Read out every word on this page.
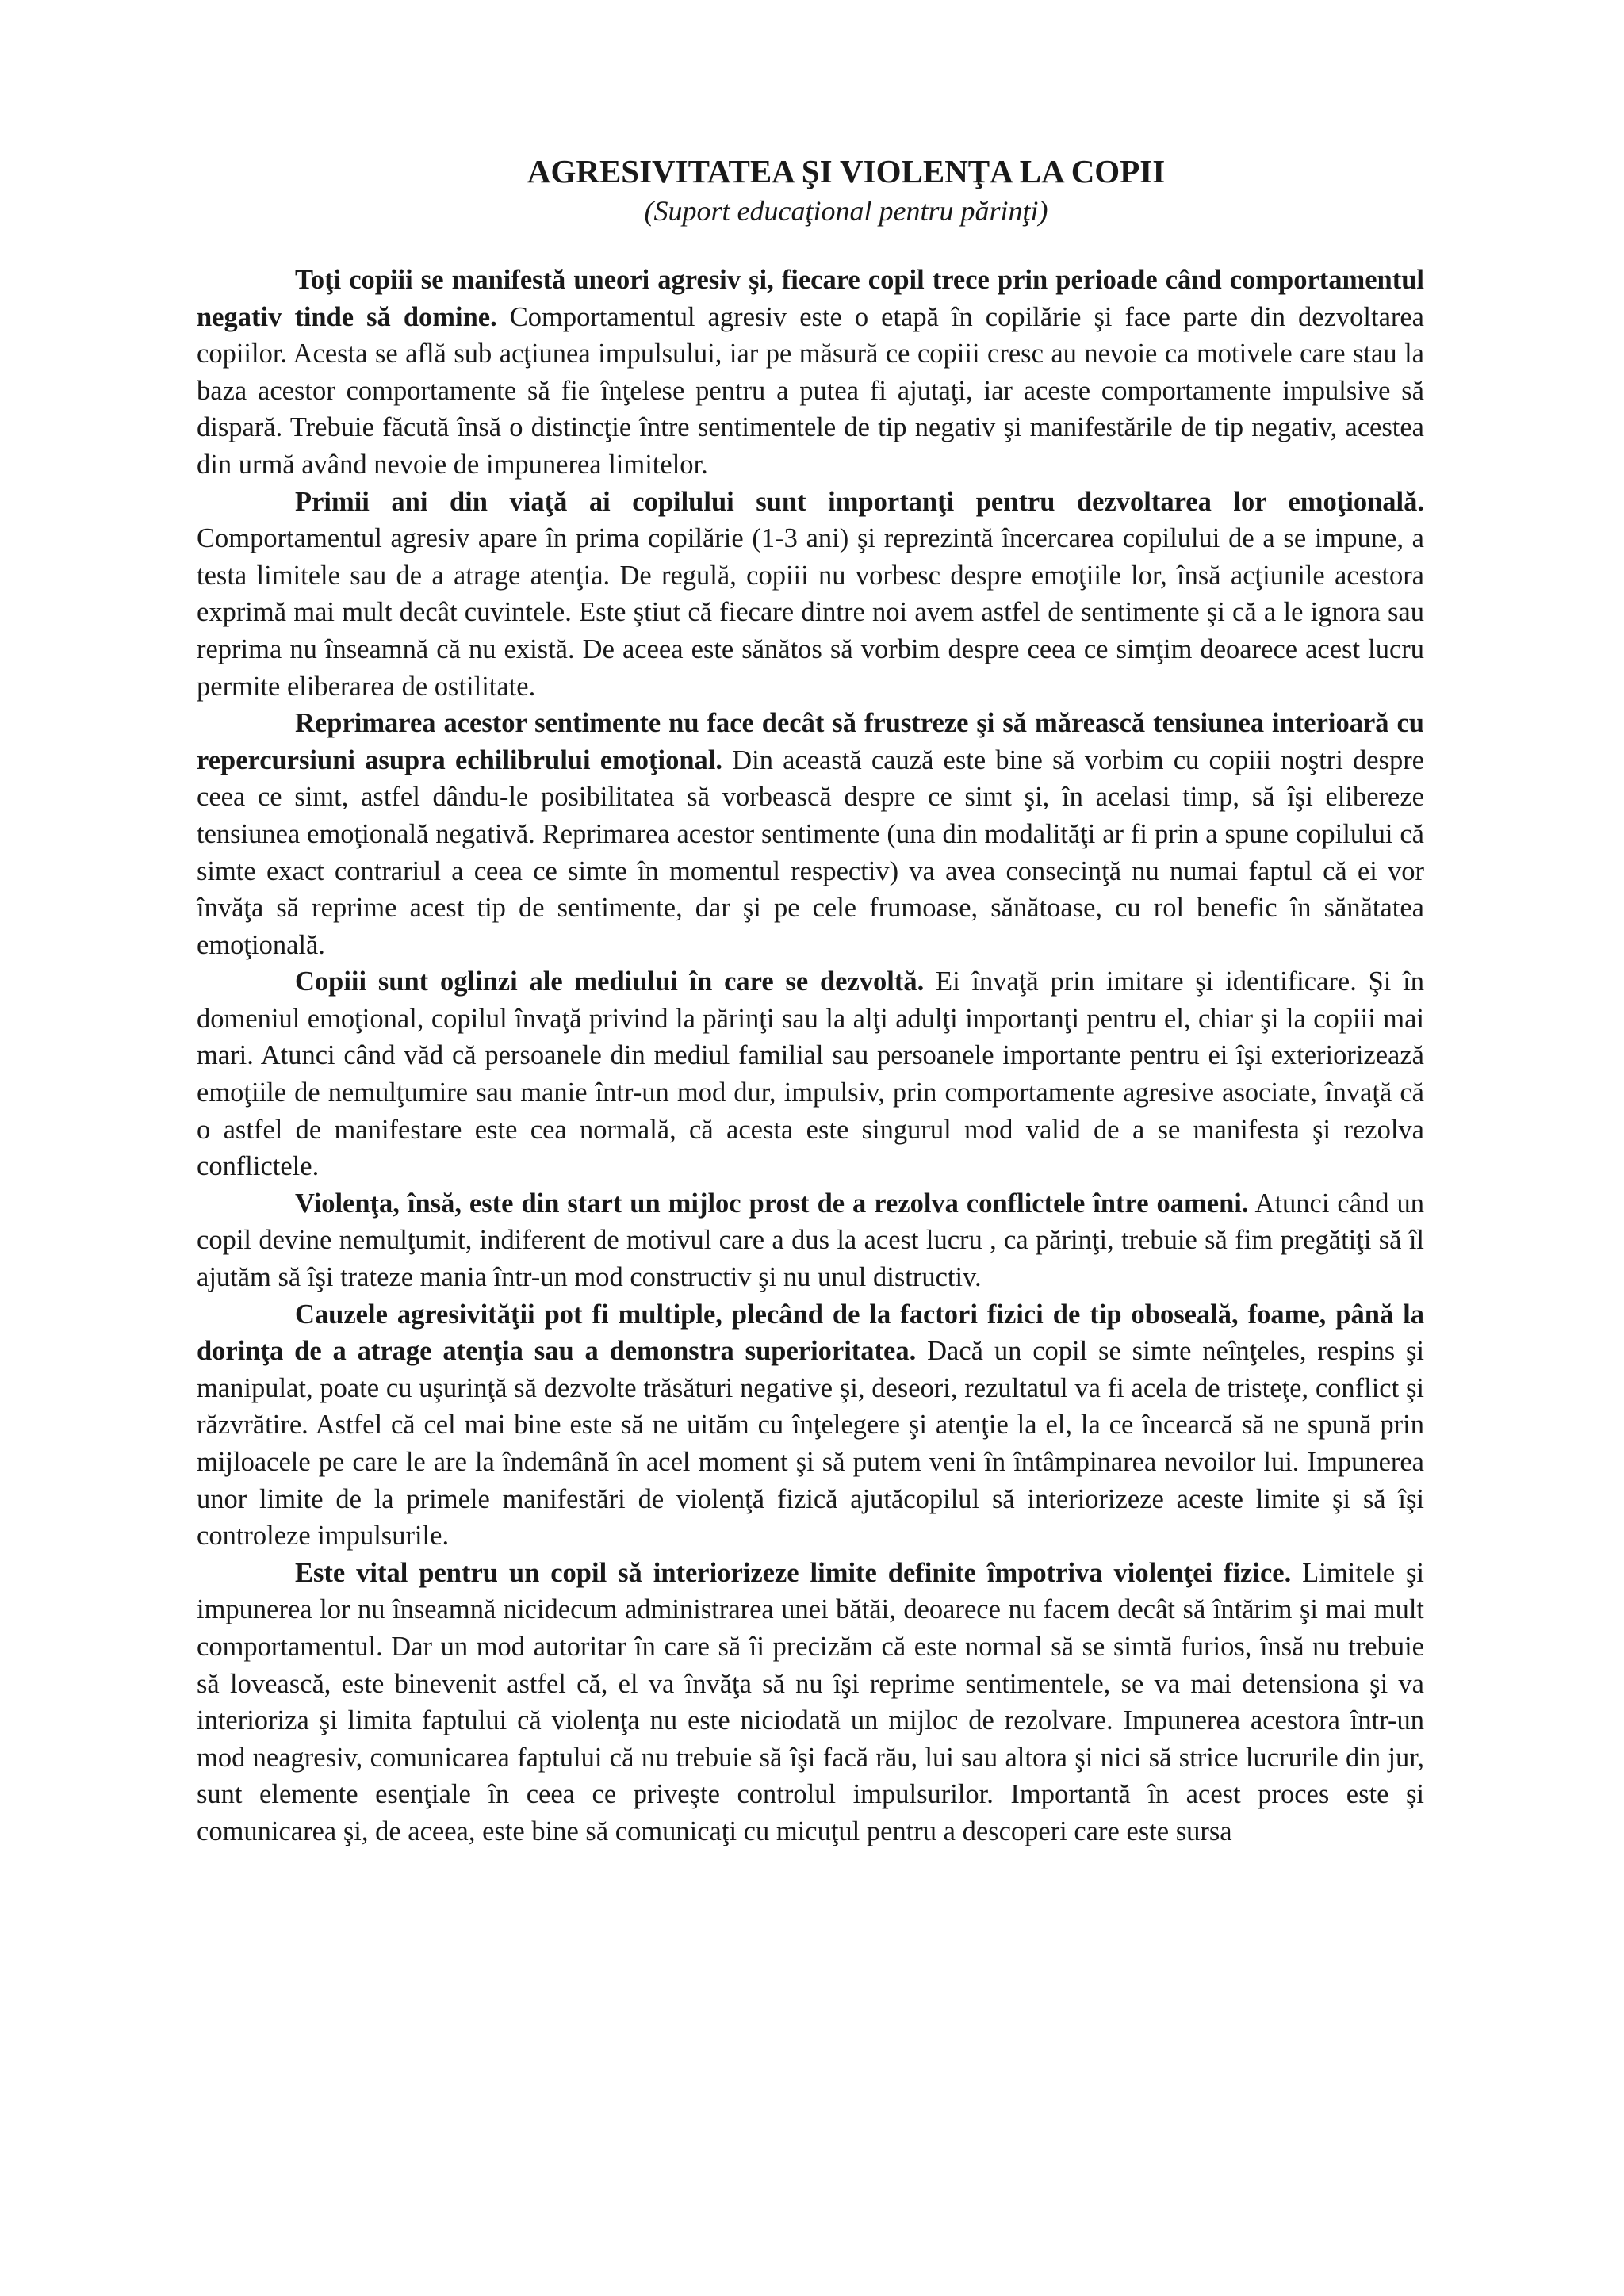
AGRESIVITATEA ŞI VIOLENŢA LA COPII
(Suport educaţional pentru părinţi)

Toţi copiii se manifestă uneori agresiv şi, fiecare copil trece prin perioade când comportamentul negativ tinde să domine. Comportamentul agresiv este o etapă în copilărie şi face parte din dezvoltarea copiilor. Acesta se află sub acţiunea impulsului, iar pe măsură ce copiii cresc au nevoie ca motivele care stau la baza acestor comportamente să fie înţelese pentru a putea fi ajutaţi, iar aceste comportamente impulsive să dispară. Trebuie făcută însă o distincţie între sentimentele de tip negativ şi manifestările de tip negativ, acestea din urmă având nevoie de impunerea limitelor.

Primii ani din viaţă ai copilului sunt importanţi pentru dezvoltarea lor emoţională. Comportamentul agresiv apare în prima copilărie (1-3 ani) şi reprezintă încercarea copilului de a se impune, a testa limitele sau de a atrage atenţia. De regulă, copiii nu vorbesc despre emoţiile lor, însă acţiunile acestora exprimă mai mult decât cuvintele. Este ştiut că fiecare dintre noi avem astfel de sentimente şi că a le ignora sau reprima nu înseamnă că nu există. De aceea este sănătos să vorbim despre ceea ce simţim deoarece acest lucru permite eliberarea de ostilitate.

Reprimarea acestor sentimente nu face decât să frustreze şi să mărească tensiunea interioară cu repercursiuni asupra echilibrului emoţional. Din această cauză este bine să vorbim cu copiii noştri despre ceea ce simt, astfel dându-le posibilitatea să vorbească despre ce simt şi, în acelasi timp, să îşi elibereze tensiunea emoţională negativă. Reprimarea acestor sentimente (una din modalităţi ar fi prin a spune copilului că simte exact contrariul a ceea ce simte în momentul respectiv) va avea consecinţă nu numai faptul că ei vor învăţa să reprime acest tip de sentimente, dar şi pe cele frumoase, sănătoase, cu rol benefic în sănătatea emoţională.

Copiii sunt oglinzi ale mediului în care se dezvoltă. Ei învaţă prin imitare şi identificare. Şi în domeniul emoţional, copilul învaţă privind la părinţi sau la alţi adulţi importanţi pentru el, chiar şi la copiii mai mari. Atunci când văd că persoanele din mediul familial sau persoanele importante pentru ei îşi exteriorizează emoţiile de nemulţumire sau manie într-un mod dur, impulsiv, prin comportamente agresive asociate, învaţă că o astfel de manifestare este cea normală, că acesta este singurul mod valid de a se manifesta şi rezolva conflictele.

Violenţa, însă, este din start un mijloc prost de a rezolva conflictele între oameni. Atunci când un copil devine nemulţumit, indiferent de motivul care a dus la acest lucru , ca părinţi, trebuie să fim pregătiţi să îl ajutăm să îşi trateze mania într-un mod constructiv şi nu unul distructiv.

Cauzele agresivităţii pot fi multiple, plecând de la factori fizici de tip oboseală, foame, până la dorinţa de a atrage atenţia sau a demonstra superioritatea. Dacă un copil se simte neînţeles, respins şi manipulat, poate cu uşurinţă să dezvolte trăsături negative şi, deseori, rezultatul va fi acela de tristeţe, conflict şi răzvrătire. Astfel că cel mai bine este să ne uităm cu înţelegere şi atenţie la el, la ce încearcă să ne spună prin mijloacele pe care le are la îndemână în acel moment şi să putem veni în întâmpinarea nevoilor lui. Impunerea unor limite de la primele manifestări de violenţă fizică ajutăcopilul să interiorizeze aceste limite şi să îşi controleze impulsurile.

Este vital pentru un copil să interiorizeze limite definite împotriva violenţei fizice. Limitele şi impunerea lor nu înseamnă nicidecum administrarea unei bătăi, deoarece nu facem decât să întărim şi mai mult comportamentul. Dar un mod autoritar în care să îi precizăm că este normal să se simtă furios, însă nu trebuie să lovească, este binevenit astfel că, el va învăţa să nu îşi reprime sentimentele, se va mai detensiona şi va interioriza şi limita faptului că violenţa nu este niciodată un mijloc de rezolvare. Impunerea acestora într-un mod neagresiv, comunicarea faptului că nu trebuie să îşi facă rău, lui sau altora şi nici să strice lucrurile din jur, sunt elemente esenţiale în ceea ce priveşte controlul impulsurilor. Importantă în acest proces este şi comunicarea şi, de aceea, este bine să comunicaţi cu micuţul pentru a descoperi care este sursa
